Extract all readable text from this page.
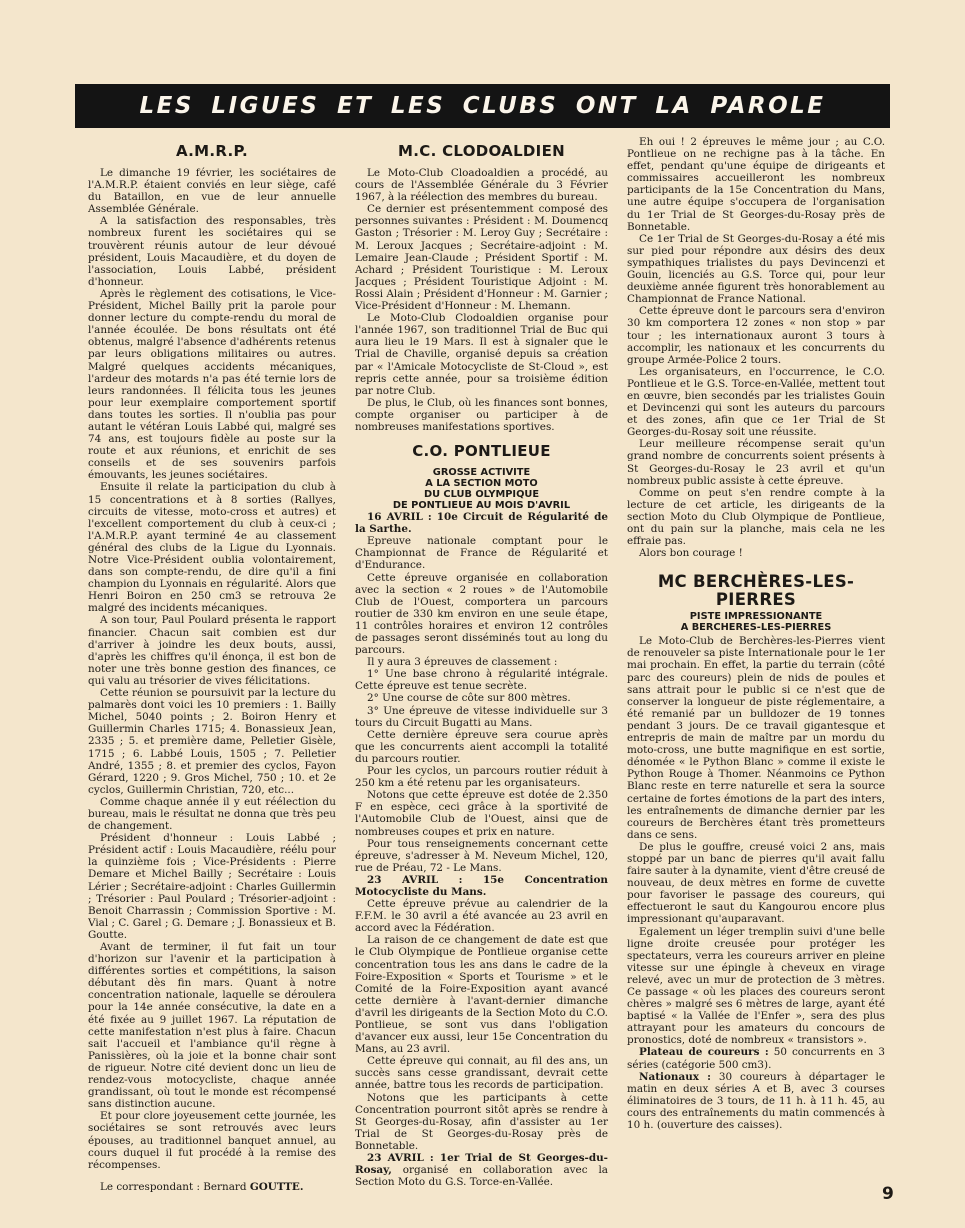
LES LIGUES ET LES CLUBS ONT LA PAROLE
A.M.R.P.

Le dimanche 19 février, les sociétaires de l'A.M.R.P. étaient conviés en leur siège, café du Bataillon, en vue de leur annuelle Assemblée Générale.

A la satisfaction des responsables, très nombreux furent les sociétaires qui se trouvèrent réunis autour de leur dévoué président, Louis Macaudière, et du doyen de l'association, Louis Labbé, président d'honneur.

Après le règlement des cotisations, le Vice-Président, Michel Bailly prit la parole pour donner lecture du compte-rendu du moral de l'année écoulée. De bons résultats ont été obtenus, malgré l'absence d'adhérents retenus par leurs obligations militaires ou autres. Malgré quelques accidents mécaniques, l'ardeur des motards n'a pas été ternie lors de leurs randonnées. Il félicita tous les jeunes pour leur exemplaire comportement sportif dans toutes les sorties. Il n'oublia pas pour autant le vétéran Louis Labbé qui, malgré ses 74 ans, est toujours fidèle au poste sur la route et aux réunions, et enrichit de ses conseils et de ses souvenirs parfois émouvants, les jeunes sociétaires.

Ensuite il relate la participation du club à 15 concentrations et à 8 sorties (Rallyes, circuits de vitesse, moto-cross et autres) et l'excellent comportement du club à ceux-ci ; l'A.M.R.P. ayant terminé 4e au classement général des clubs de la Ligue du Lyonnais. Notre Vice-Président oublia volontairement, dans son compte-rendu, de dire qu'il a fini champion du Lyonnais en régularité. Alors que Henri Boiron en 250 cm3 se retrouva 2e malgré des incidents mécaniques.

A son tour, Paul Poulard présenta le rapport financier. Chacun sait combien est dur d'arriver à joindre les deux bouts, aussi, d'après les chiffres qu'il énonça, il est bon de noter une très bonne gestion des finances, ce qui valu au trésorier de vives félicitations.

Cette réunion se poursuivit par la lecture du palmarès dont voici les 10 premiers : 1. Bailly Michel, 5040 points ; 2. Boiron Henry et Guillermin Charles 1715; 4. Bonassieux Jean, 2335 ; 5. et première dame, Pelletier Gisèle, 1715 ; 6. Labbé Louis, 1505 ; 7. Pelletier André, 1355 ; 8. et premier des cyclos, Fayon Gérard, 1220 ; 9. Gros Michel, 750 ; 10. et 2e cyclos, Guillermin Christian, 720, etc...

Comme chaque année il y eut réélection du bureau, mais le résultat ne donna que très peu de changement.

Président d'honneur : Louis Labbé ; Président actif : Louis Macaudière, réélu pour la quinzième fois ; Vice-Présidents : Pierre Demare et Michel Bailly ; Secrétaire : Louis Lérier ; Secrétaire-adjoint : Charles Guillermin ; Trésorier : Paul Poulard ; Trésorier-adjoint : Benoit Charrassin ; Commission Sportive : M. Vial ; C. Garel ; G. Demare ; J. Bonassieux et B. Goutte.

Avant de terminer, il fut fait un tour d'horizon sur l'avenir et la participation à différentes sorties et compétitions, la saison débutant dès fin mars. Quant à notre concentration nationale, laquelle se déroulera pour la 14e année consécutive, la date en a été fixée au 9 juillet 1967. La réputation de cette manifestation n'est plus à faire. Chacun sait l'accueil et l'ambiance qu'il règne à Panissières, où la joie et la bonne chair sont de rigueur. Notre cité devient donc un lieu de rendez-vous motocycliste, chaque année grandissant, où tout le monde est récompensé sans distinction aucune.

Et pour clore joyeusement cette journée, les sociétaires se sont retrouvés avec leurs épouses, au traditionnel banquet annuel, au cours duquel il fut procédé à la remise des récompenses.

Le correspondant : Bernard GOUTTE.

M.C. CLODOALDIEN

Le Moto-Club Cloadoaldien a procédé, au cours de l'Assemblée Générale du 3 Février 1967, à la réélection des membres du bureau.

Ce dernier est présentemment composé des personnes suivantes : Président : M. Doumencq Gaston ; Trésorier : M. Leroy Guy ; Secrétaire : M. Leroux Jacques ; Secrétaire-adjoint : M. Lemaire Jean-Claude ; Président Sportif : M. Achard ; Président Touristique : M. Leroux Jacques ; Président Touristique Adjoint : M. Rossi Alain ; Président d'Honneur : M. Garnier ; Vice-Président d'Honneur : M. Lhemann.

Le Moto-Club Clodoaldien organise pour l'année 1967, son traditionnel Trial de Buc qui aura lieu le 19 Mars. Il est à signaler que le Trial de Chaville, organisé depuis sa création par « l'Amicale Motocycliste de St-Cloud », est repris cette année, pour sa troisième édition par notre Club.

De plus, le Club, où les finances sont bonnes, compte organiser ou participer à de nombreuses manifestations sportives.

C.O. PONTLIEUE
GROSSE ACTIVITE
A LA SECTION MOTO
DU CLUB OLYMPIQUE
DE PONTLIEUE AU MOIS D'AVRIL

16 AVRIL : 10e Circuit de Régularité de la Sarthe.

Epreuve nationale comptant pour le Championnat de France de Régularité et d'Endurance.

Cette épreuve organisée en collaboration avec la section « 2 roues » de l'Automobile Club de l'Ouest, comportera un parcours routier de 330 km environ en une seule étape, 11 contrôles horaires et environ 12 contrôles de passages seront disséminés tout au long du parcours.

Il y aura 3 épreuves de classement :

1° Une base chrono à régularité intégrale. Cette épreuve est tenue secrète.

2° Une course de côte sur 800 mètres.

3° Une épreuve de vitesse individuelle sur 3 tours du Circuit Bugatti au Mans.

Cette dernière épreuve sera courue après que les concurrents aient accompli la totalité du parcours routier.

Pour les cyclos, un parcours routier réduit à 250 km a été retenu par les organisateurs.

Notons que cette épreuve est dotée de 2.350 F en espèce, ceci grâce à la sportivité de l'Automobile Club de l'Ouest, ainsi que de nombreuses coupes et prix en nature.

Pour tous renseignements concernant cette épreuve, s'adresser à M. Neveum Michel, 120, rue de Préau, 72 - Le Mans.

23 AVRIL : 15e Concentration Motocycliste du Mans.

Cette épreuve prévue au calendrier de la F.F.M. le 30 avril a été avancée au 23 avril en accord avec la Fédération.

La raison de ce changement de date est que le Club Olympique de Pontlieue organise cette concentration tous les ans dans le cadre de la Foire-Exposition « Sports et Tourisme » et le Comité de la Foire-Exposition ayant avancé cette dernière à l'avant-dernier dimanche d'avril les dirigeants de la Section Moto du C.O. Pontlieue, se sont vus dans l'obligation d'avancer eux aussi, leur 15e Concentration du Mans, au 23 avril.

Cette épreuve qui connait, au fil des ans, un succès sans cesse grandissant, devrait cette année, battre tous les records de participation.

Notons que les participants à cette Concentration pourront sitôt après se rendre à St Georges-du-Rosay, afin d'assister au 1er Trial de St Georges-du-Rosay près de Bonnetable.

23 AVRIL : 1er Trial de St Georges-du-Rosay, organisé en collaboration avec la Section Moto du G.S. Torce-en-Vallée.

Eh oui ! 2 épreuves le même jour ; au C.O. Pontlieue on ne rechigne pas à la tâche. En effet, pendant qu'une équipe de dirigeants et commissaires accueilleront les nombreux participants de la 15e Concentration du Mans, une autre équipe s'occupera de l'organisation du 1er Trial de St Georges-du-Rosay près de Bonnetable.

Ce 1er Trial de St Georges-du-Rosay a été mis sur pied pour répondre aux désirs des deux sympathiques trialistes du pays Devincenzi et Gouin, licenciés au G.S. Torce qui, pour leur deuxième année figurent très honorablement au Championnat de France National.

Cette épreuve dont le parcours sera d'environ 30 km comportera 12 zones « non stop » par tour ; les internationaux auront 3 tours à accomplir, les nationaux et les concurrents du groupe Armée-Police 2 tours.

Les organisateurs, en l'occurrence, le C.O. Pontlieue et le G.S. Torce-en-Vallée, mettent tout en œuvre, bien secondés par les trialistes Gouin et Devincenzi qui sont les auteurs du parcours et des zones, afin que ce 1er Trial de St Georges-du-Rosay soit une réussite.

Leur meilleure récompense serait qu'un grand nombre de concurrents soient présents à St Georges-du-Rosay le 23 avril et qu'un nombreux public assiste à cette épreuve.

Comme on peut s'en rendre compte à la lecture de cet article, les dirigeants de la section Moto du Club Olympique de Pontlieue, ont du pain sur la planche, mais cela ne les effraie pas.

Alors bon courage !

MC BERCHÈRES-LES-PIERRES
PISTE IMPRESSIONANTE
A BERCHERES-LES-PIERRES

Le Moto-Club de Berchères-les-Pierres vient de renouveler sa piste Internationale pour le 1er mai prochain. En effet, la partie du terrain (côté parc des coureurs) plein de nids de poules et sans attrait pour le public si ce n'est que de conserver la longueur de piste réglementaire, a été remanié par un bulldozer de 19 tonnes pendant 3 jours. De ce travail gigantesque et entrepris de main de maître par un mordu du moto-cross, une butte magnifique en est sortie, dénomée « le Python Blanc » comme il existe le Python Rouge à Thomer. Néanmoins ce Python Blanc reste en terre naturelle et sera la source certaine de fortes émotions de la part des inters, les entraînements de dimanche dernier par les coureurs de Berchères étant très prometteurs dans ce sens.

De plus le gouffre, creusé voici 2 ans, mais stoppé par un banc de pierres qu'il avait fallu faire sauter à la dynamite, vient d'être creusé de nouveau, de deux mètres en forme de cuvette pour favoriser le passage des coureurs, qui effectueront le saut du Kangourou encore plus impressionant qu'auparavant.

Egalement un léger tremplin suivi d'une belle ligne droite creusée pour protéger les spectateurs, verra les coureurs arriver en pleine vitesse sur une épingle à cheveux en virage relevé, avec un mur de protection de 3 mètres. Ce passage « où les places des coureurs seront chères » malgré ses 6 mètres de large, ayant été baptisé « la Vallée de l'Enfer », sera des plus attrayant pour les amateurs du concours de pronostics, doté de nombreux « transistors ».

Plateau de coureurs : 50 concurrents en 3 séries (catégorie 500 cm3).

Nationaux : 30 coureurs à départager le matin en deux séries A et B, avec 3 courses éliminatoires de 3 tours, de 11 h. à 11 h. 45, au cours des entraînements du matin commencés à 10 h. (ouverture des caisses).

9
